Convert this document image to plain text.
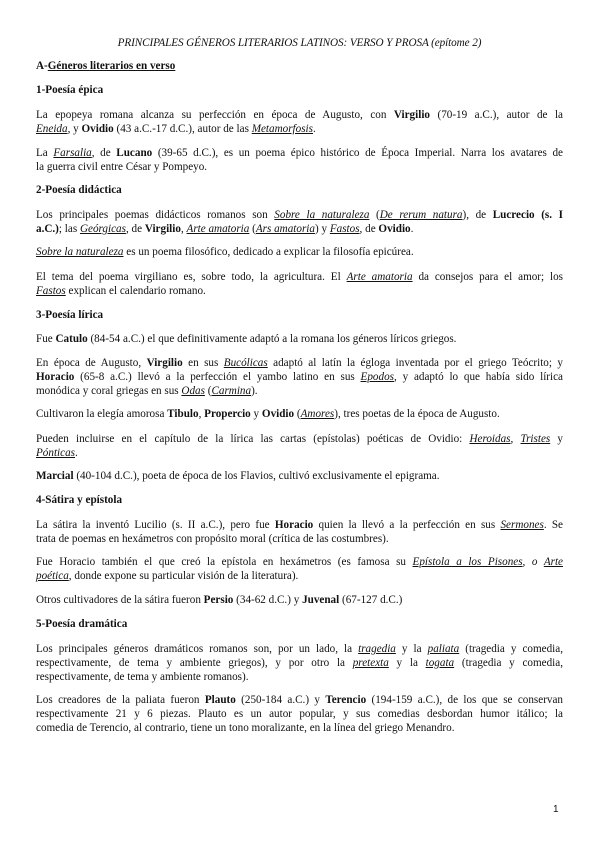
PRINCIPALES GÉNEROS LITERARIOS LATINOS: VERSO Y PROSA (epítome 2)
A-Géneros literarios en verso
1-Poesía épica
La epopeya romana alcanza su perfección en época de Augusto, con Virgilio (70-19 a.C.), autor de la
Eneida, y Ovidio (43 a.C.-17 d.C.), autor de las Metamorfosis.
La Farsalia, de Lucano (39-65 d.C.), es un poema épico histórico de Época Imperial. Narra los avatares de
la guerra civil entre César y Pompeyo.
2-Poesía didáctica
Los principales poemas didácticos romanos son Sobre la naturaleza (De rerum natura), de Lucrecio (s. I
a.C.); las Geórgicas, de Virgilio, Arte amatoria (Ars amatoria) y Fastos, de Ovidio.
Sobre la naturaleza es un poema filosófico, dedicado a explicar la filosofía epicúrea.
El tema del poema virgiliano es, sobre todo, la agricultura. El Arte amatoria da consejos para el amor; los
Fastos explican el calendario romano.
3-Poesía lírica
Fue Catulo (84-54 a.C.) el que definitivamente adaptó a la romana los géneros líricos griegos.
En época de Augusto, Virgilio en sus Bucólicas adaptó al latín la égloga inventada por el griego Teócrito; y
Horacio (65-8 a.C.) llevó a la perfección el yambo latino en sus Epodos, y adaptó lo que había sido lírica
monódica y coral griegas en sus Odas (Carmina).
Cultivaron la elegía amorosa Tibulo, Propercio y Ovidio (Amores), tres poetas de la época de Augusto.
Pueden incluirse en el capítulo de la lírica las cartas (epístolas) poéticas de Ovidio: Heroidas, Tristes y
Pónticas.
Marcial (40-104 d.C.), poeta de época de los Flavios, cultivó exclusivamente el epigrama.
4-Sátira y epístola
La sátira la inventó Lucilio (s. II a.C.), pero fue Horacio quien la llevó a la perfección en sus Sermones. Se
trata de poemas en hexámetros con propósito moral (crítica de las costumbres).
Fue Horacio también el que creó la epístola en hexámetros (es famosa su Epístola a los Pisones, o Arte
poética, donde expone su particular visión de la literatura).
Otros cultivadores de la sátira fueron Persio (34-62 d.C.) y Juvenal (67-127 d.C.)
5-Poesía dramática
Los principales géneros dramáticos romanos son, por un lado, la tragedia y la paliata (tragedia y comedia,
respectivamente, de tema y ambiente griegos), y por otro la pretexta y la togata (tragedia y comedia,
respectivamente, de tema y ambiente romanos).
Los creadores de la paliata fueron Plauto (250-184 a.C.) y Terencio (194-159 a.C.), de los que se conservan
respectivamente 21 y 6 piezas. Plauto es un autor popular, y sus comedias desbordan humor itálico; la
comedia de Terencio, al contrario, tiene un tono moralizante, en la línea del griego Menandro.
1
